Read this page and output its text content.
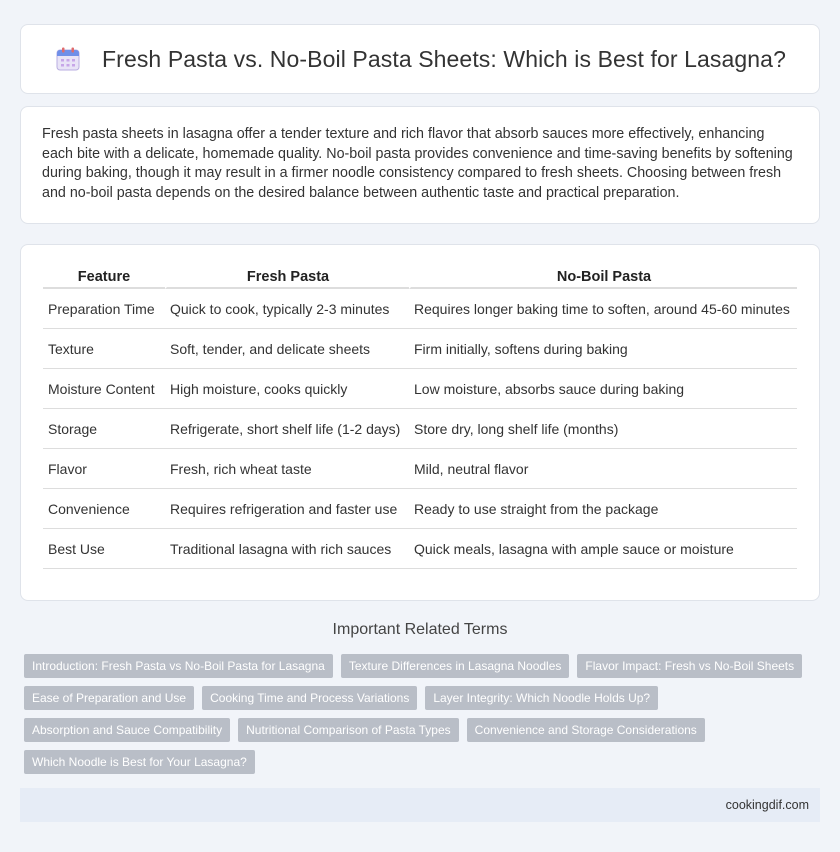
Fresh Pasta vs. No-Boil Pasta Sheets: Which is Best for Lasagna?

Fresh pasta sheets in lasagna offer a tender texture and rich flavor that absorb sauces more effectively, enhancing each bite with a delicate, homemade quality. No-boil pasta provides convenience and time-saving benefits by softening during baking, though it may result in a firmer noodle consistency compared to fresh sheets. Choosing between fresh and no-boil pasta depends on the desired balance between authentic taste and practical preparation.

Feature	Fresh Pasta	No-Boil Pasta
Preparation Time	Quick to cook, typically 2-3 minutes	Requires longer baking time to soften, around 45-60 minutes
Texture	Soft, tender, and delicate sheets	Firm initially, softens during baking
Moisture Content	High moisture, cooks quickly	Low moisture, absorbs sauce during baking
Storage	Refrigerate, short shelf life (1-2 days)	Store dry, long shelf life (months)
Flavor	Fresh, rich wheat taste	Mild, neutral flavor
Convenience	Requires refrigeration and faster use	Ready to use straight from the package
Best Use	Traditional lasagna with rich sauces	Quick meals, lasagna with ample sauce or moisture
Important Related Terms
Introduction: Fresh Pasta vs No-Boil Pasta for Lasagna	Texture Differences in Lasagna Noodles	Flavor Impact: Fresh vs No-Boil Sheets
Ease of Preparation and Use	Cooking Time and Process Variations	Layer Integrity: Which Noodle Holds Up?
Absorption and Sauce Compatibility	Nutritional Comparison of Pasta Types	Convenience and Storage Considerations
Which Noodle is Best for Your Lasagna?
cookingdif.com
